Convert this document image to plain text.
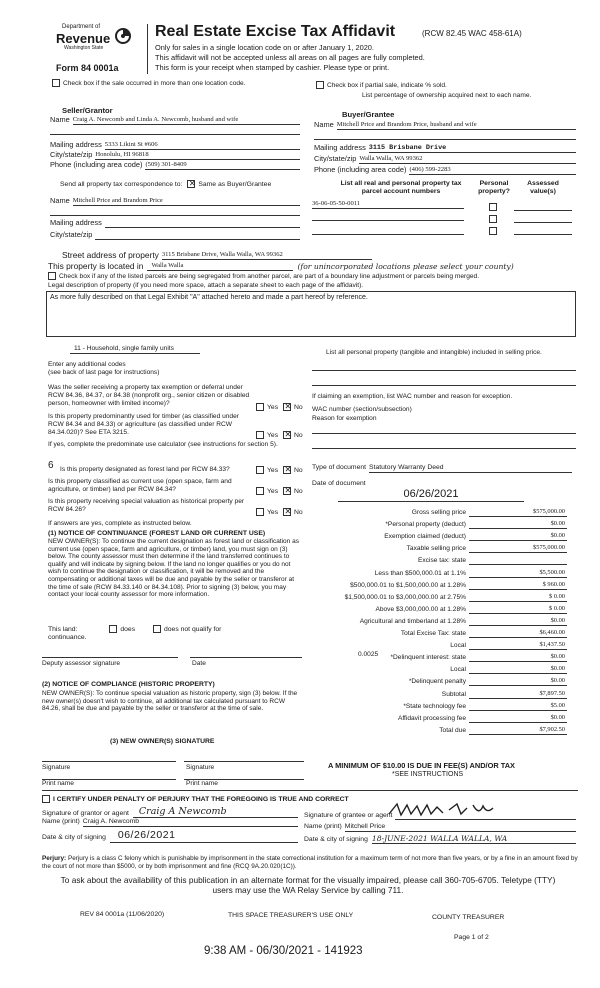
Department of
Revenue
Washington State
Form 84 0001a
Real Estate Excise Tax Affidavit	(RCW 82.45 WAC 458-61A)
Only for sales in a single location code on or after January 1, 2020.
This affidavit will not be accepted unless all areas on all pages are fully completed.
This form is your receipt when stamped by cashier. Please type or print.
Check box if the sale occurred in more than one location code.	Check box if partial sale, indicate % sold.
List percentage of ownership acquired next to each name.
Seller/Grantor	Buyer/Grantee
Name Craig A. Newcomb and Linda A. Newcomb, husband and wife
Name Mitchell Price and Brandom Price, husband and wife
Mailing address 5333 Likini St #606
City/state/zip Honolulu, HI 96818
Phone (including area code) (509) 301-8409
Mailing address 3115 Brisbane Drive
City/state/zip Walla Walla, WA 99362
Phone (including area code) (406) 599-2283
Send all property tax correspondence to: ✕ Same as Buyer/Grantee
Name Mitchell Price and Brandom Price
Mailing address
City/state/zip
List all real and personal property tax
parcel account numbers
Personal
property?
Assessed
value(s)
36-06-05-50-0011
Street address of property 3115 Brisbane Drive, Walla Walla, WA 99362
This property is located in	Walla Walla	(for unincorporated locations please select your county)
Check box if any of the listed parcels are being segregated from another parcel, are part of a boundary line adjustment or parcels being merged.
Legal description of property (if you need more space, attach a separate sheet to each page of the affidavit).
As more fully described on that Legal Exhibit "A" attached hereto and made a part hereof by reference.
11 - Household, single family units
Enter any additional codes
(see back of last page for instructions)
Was the seller receiving a property tax exemption or deferral under RCW 84.36, 84.37, or 84.38 (nonprofit org., senior citizen or disabled person, homeowner with limited income)?
Yes ✕ No
Is this property predominantly used for timber (as classified under RCW 84.34 and 84.33) or agriculture (as classified under RCW 84.34.020)? See ETA 3215.	Yes ✕ No
If yes, complete the predominate use calculator (see instructions for section 5).
6 Is this property designated as forest land per RCW 84.33?	Yes ✕ No
Is this property classified as current use (open space, farm and agriculture, or timber) land per RCW 84.34?	Yes ✕ No
Is this property receiving special valuation as historical property per RCW 84.26?	Yes ✕ No
If answers are yes, complete as instructed below.
(1) NOTICE OF CONTINUANCE (FOREST LAND OR CURRENT USE)
NEW OWNER(S): To continue the current designation as forest land or classification as current use (open space, farm and agriculture, or timber) land, you must sign on (3) below. The county assessor must then determine if the land transferred continues to qualify and will indicate by signing below. If the land no longer qualifies or you do not wish to continue the designation or classification, it will be removed and the compensating or additional taxes will be due and payable by the seller or transferor at the time of sale (RCW 84.33.140 or 84.34.108). Prior to signing (3) below, you may contact your local county assessor for more information.
This land:	does	does not qualify for
continuance.
Deputy assessor signature	Date
(2) NOTICE OF COMPLIANCE (HISTORIC PROPERTY)
NEW OWNER(S): To continue special valuation as historic property, sign (3) below. If the new owner(s) doesn't wish to continue, all additional tax calculated pursuant to RCW 84.26, shall be due and payable by the seller or transferor at the time of sale.
(3) NEW OWNER(S) SIGNATURE
Signature	Signature
Print name	Print name
List all personal property (tangible and intangible) included in selling price.
If claiming an exemption, list WAC number and reason for exception.
WAC number (section/subsection)
Reason for exemption
Type of document Statutory Warranty Deed
Date of document
06/26/2021
Gross selling price	$575,000.00
*Personal property (deduct)	$0.00
Exemption claimed (deduct)	$0.00
Taxable selling price	$575,000.00
Excise tax: state
Less than $500,000.01 at 1.1%	$5,500.00
$500,000.01 to $1,500,000.00 at 1.28%	$ 960.00
$1,500,000.01 to $3,000,000.00 at 2.75%	$ 0.00
Above $3,000,000.00 at 1.28%	$ 0.00
Agricultural and timberland at 1.28%	$0.00
Total Excise Tax: state	$6,460.00
Local	$1,437.50
*Delinquent interest: state	$0.00
Local	$0.00
*Delinquent penalty	$0.00
Subtotal	$7,897.50
*State technology fee	$5.00
Affidavit processing fee	$0.00
Total due	$7,902.50
0.0025
A MINIMUM OF $10.00 IS DUE IN FEE(S) AND/OR TAX
*SEE INSTRUCTIONS
I CERTIFY UNDER PENALTY OF PERJURY THAT THE FOREGOING IS TRUE AND CORRECT
Signature of grantor or agent	Craig A Newcomb
Name (print) Craig A. Newcomb
Date & city of signing	06/26/2021
Signature of grantee or agent
Name (print) Mitchell Price
Date & city of signing 18-JUNE-2021 WALLA WALLA, WA
Perjury: Perjury is a class C felony which is punishable by imprisonment in the state correctional institution for a maximum term of not more than five years, or by a fine in an amount fixed by the court of not more than $5000, or by both imprisonment and fine (RCQ 9A.20.020(1C)).
To ask about the availability of this publication in an alternate format for the visually impaired, please call 360-705-6705. Teletype (TTY) users may use the WA Relay Service by calling 711.
REV 84 0001a (11/06/2020)	THIS SPACE TREASURER'S USE ONLY	COUNTY TREASURER
Page 1 of 2
9:38 AM - 06/30/2021 - 141923
